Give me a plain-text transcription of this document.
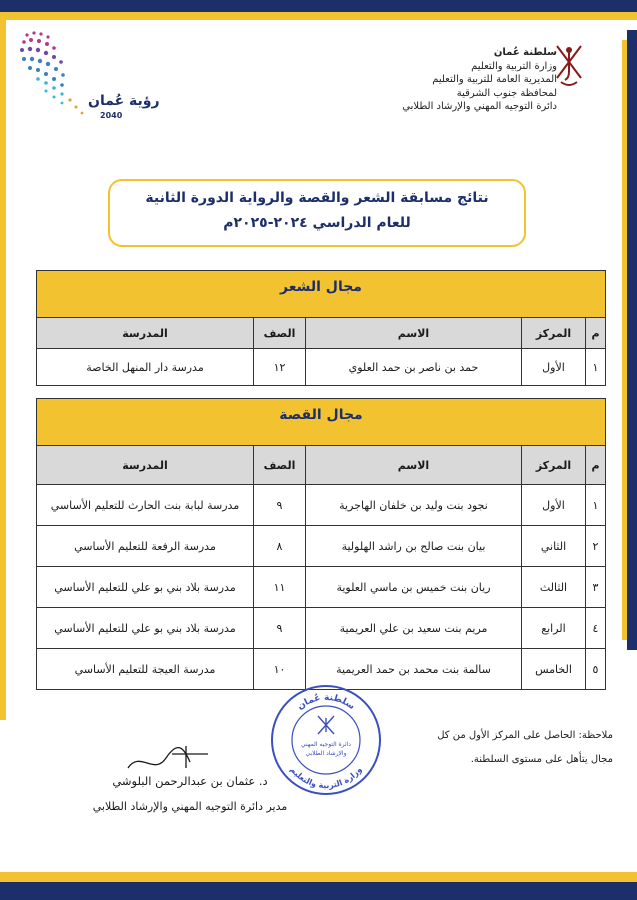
رؤية عُمان
2040
سلطنة عُمان
وزارة التربية والتعليم
المديرية العامة للتربية والتعليم
لمحافظة جنوب الشرقية
دائرة التوجيه المهني والإرشاد الطلابي
نتائج مسابقة الشعر والقصة والرواية الدورة الثانية
للعام الدراسي ٢٠٢٤-٢٠٢٥م
مجال الشعر				
م	المركز	الاسم	الصف	المدرسة
١	الأول	حمد بن ناصر بن حمد العلوي	١٢	مدرسة دار المنهل الخاصة
مجال القصة				
م	المركز	الاسم	الصف	المدرسة
١	الأول	نجود بنت وليد بن خلفان الهاجرية	٩	مدرسة لبابة بنت الحارث للتعليم الأساسي
٢	الثاني	بيان بنت صالح بن راشد الهلولية	٨	مدرسة الرفعة للتعليم الأساسي
٣	الثالث	ريان بنت خميس بن ماسي العلوية	١١	مدرسة بلاد بني بو علي للتعليم الأساسي
٤	الرابع	مريم بنت سعيد بن علي العريمية	٩	مدرسة بلاد بني بو علي للتعليم الأساسي
٥	الخامس	سالمة بنت محمد بن حمد العريمية	١٠	مدرسة العيجة للتعليم الأساسي
سلطنة عُمان
وزارة التربية والتعليم
دائرة التوجيه المهني
والإرشاد الطلابي
ملاحظة: الحاصل على المركز الأول من كل
مجال يتأهل على مستوى السلطنة.
د. عثمان بن عبدالرحمن البلوشي
مدير دائرة التوجيه المهني والإرشاد الطلابي
